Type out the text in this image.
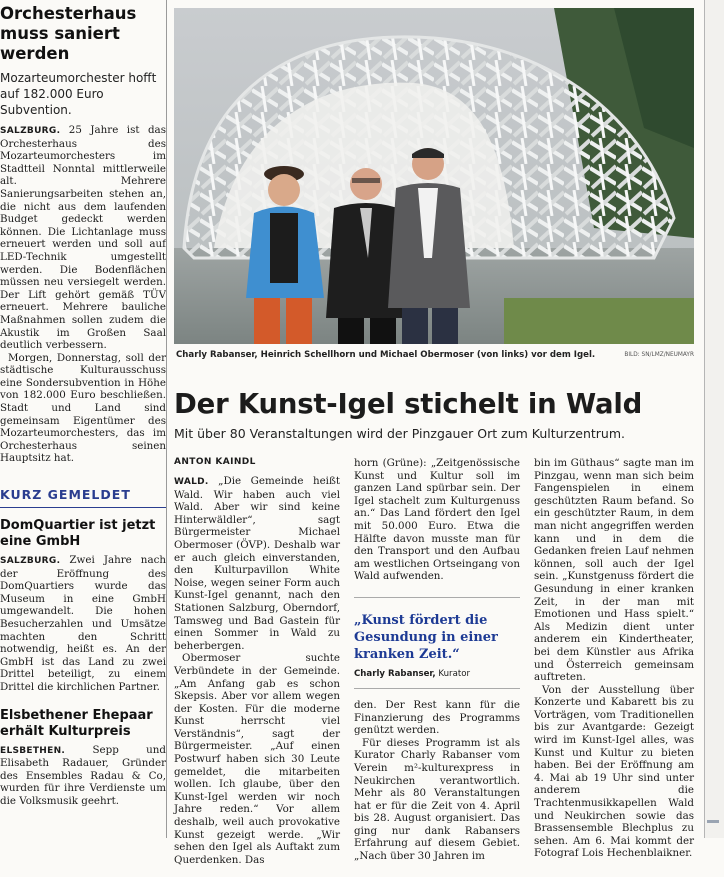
Orchesterhaus muss saniert werden
Mozarteumorchester hofft auf 182.000 Euro Subvention.

SALZBURG. 25 Jahre ist das Orchesterhaus des Mozarteumorchesters im Stadtteil Nonntal mittlerweile alt. Mehrere Sanierungsarbeiten stehen an, die nicht aus dem laufenden Budget gedeckt werden können. Die Lichtanlage muss erneuert werden und soll auf LED-Technik umgestellt werden. Die Bodenflächen müssen neu versiegelt werden. Der Lift gehört gemäß TÜV erneuert. Mehrere bauliche Maßnahmen sollen zudem die Akustik im Großen Saal deutlich verbessern.

Morgen, Donnerstag, soll der städtische Kulturausschuss eine Sondersubvention in Höhe von 182.000 Euro beschließen. Stadt und Land sind gemeinsam Eigentümer des Mozarteumorchesters, das im Orchesterhaus seinen Hauptsitz hat.

KURZ GEMELDET
DomQuartier ist jetzt eine GmbH

SALZBURG. Zwei Jahre nach der Eröffnung des DomQuartiers wurde das Museum in eine GmbH umgewandelt. Die hohen Besucherzahlen und Umsätze machten den Schritt notwendig, heißt es. An der GmbH ist das Land zu zwei Drittel beteiligt, zu einem Drittel die kirchlichen Partner.

Elsbethener Ehepaar erhält Kulturpreis

ELSBETHEN.	Sepp und Elisabeth Radauer, Gründer des Ensembles Radau & Co, wurden für ihre Verdienste um die Volksmusik geehrt.

Charly Rabanser, Heinrich Schellhorn und Michael Obermoser (von links) vor dem Igel.	BILD: SN/LMZ/NEUMAYR
Der Kunst-Igel stichelt in Wald
Mit über 80 Veranstaltungen wird der Pinzgauer Ort zum Kulturzentrum.
ANTON KAINDL

WALD. „Die Gemeinde heißt Wald. Wir haben auch viel Wald. Aber wir sind keine Hinterwäldler“, sagt Bürgermeister Michael Obermoser (ÖVP). Deshalb war er auch gleich einverstanden, den Kulturpavillon White Noise, wegen seiner Form auch Kunst-Igel genannt, nach den Stationen Salzburg, Oberndorf, Tamsweg und Bad Gastein für einen Sommer in Wald zu beherbergen.

Obermoser suchte Verbündete in der Gemeinde. „Am Anfang gab es schon Skepsis. Aber vor allem wegen der Kosten. Für die moderne Kunst herrscht viel Verständnis“, sagt der Bürgermeister. „Auf einen Postwurf haben sich 30 Leute gemeldet, die mitarbeiten wollen. Ich glaube, über den Kunst-Igel werden wir noch Jahre reden.“ Vor allem deshalb, weil auch provokative Kunst gezeigt werde. „Wir sehen den Igel als Auftakt zum Querdenken. Das

horn (Grüne): „Zeitgenössische Kunst und Kultur soll im ganzen Land spürbar sein. Der Igel stachelt zum Kulturgenuss an.“ Das Land fördert den Igel mit 50.000 Euro. Etwa die Hälfte davon musste man für den Transport und den Aufbau am westlichen Ortseingang von Wald aufwenden.

„Kunst fördert die Gesundung in einer kranken Zeit.“
Charly Rabanser, Kurator

den. Der Rest kann für die Finanzierung des Programms genützt werden.

Für dieses Programm ist als Kurator Charly Rabanser vom Verein m²-kulturexpress in Neukirchen verantwortlich. Mehr als 80 Veranstaltungen hat er für die Zeit von 4. April bis 28. August organisiert. Das ging nur dank Rabansers Erfahrung auf diesem Gebiet. „Nach über 30 Jahren im

bin im Güthaus“ sagte man im Pinzgau, wenn man sich beim Fangenspielen in einem geschützten Raum befand. So ein geschützter Raum, in dem man nicht angegriffen werden kann und in dem die Gedanken freien Lauf nehmen können, soll auch der Igel sein. „Kunstgenuss fördert die Gesundung in einer kranken Zeit, in der man mit Emotionen und Hass spielt.“ Als Medizin dient unter anderem ein Kindertheater, bei dem Künstler aus Afrika und Österreich gemeinsam auftreten.

Von der Ausstellung über Konzerte und Kabarett bis zu Vorträgen, vom Traditionellen bis zur Avantgarde: Gezeigt wird im Kunst-Igel alles, was Kunst und Kultur zu bieten haben. Bei der Eröffnung am 4. Mai ab 19 Uhr sind unter anderem die Trachtenmusikkapellen Wald und Neukirchen sowie das Brassensemble Blechplus zu sehen. Am 6. Mai kommt der Fotograf Lois Hechenblaikner.
